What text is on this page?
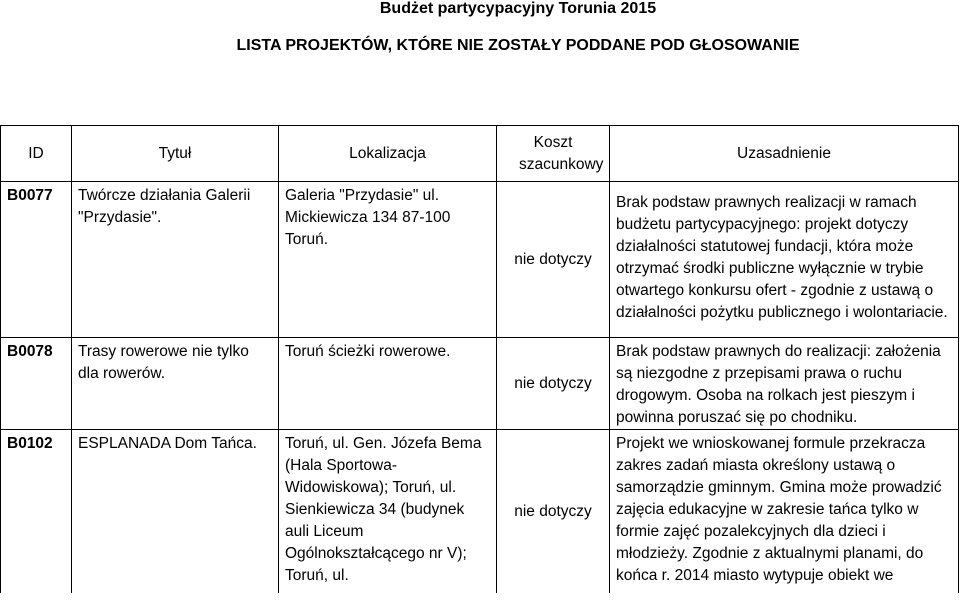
Budżet partycypacyjny Torunia 2015
LISTA PROJEKTÓW, KTÓRE NIE ZOSTAŁY PODDANE POD GŁOSOWANIE
ID	Tytuł	Lokalizacja	Koszt szacunkowy	Uzasadnienie
B0077	Twórcze działania Galerii "Przydasie".	Galeria "Przydasie" ul. Mickiewicza 134 87-100 Toruń.	nie dotyczy	Brak podstaw prawnych realizacji w ramach budżetu partycypacyjnego: projekt dotyczy działalności statutowej fundacji, która może otrzymać środki publiczne wyłącznie w trybie otwartego konkursu ofert - zgodnie z ustawą o działalności pożytku publicznego i wolontariacie.
B0078	Trasy rowerowe nie tylko dla rowerów.	Toruń ścieżki rowerowe.	nie dotyczy	Brak podstaw prawnych do realizacji: założenia są niezgodne z przepisami prawa o ruchu drogowym. Osoba na rolkach jest pieszym i powinna poruszać się po chodniku.
B0102	ESPLANADA Dom Tańca.	Toruń, ul. Gen. Józefa Bema (Hala Sportowa-Widowiskowa); Toruń, ul. Sienkiewicza 34 (budynek auli Liceum Ogólnokształcącego nr V); Toruń, ul.	nie dotyczy	Projekt we wnioskowanej formule przekracza zakres zadań miasta określony ustawą o samorządzie gminnym. Gmina może prowadzić zajęcia edukacyjne w zakresie tańca tylko w formie zajęć pozalekcyjnych dla dzieci i młodzieży. Zgodnie z aktualnymi planami, do końca r. 2014 miasto wytypuje obiekt we
